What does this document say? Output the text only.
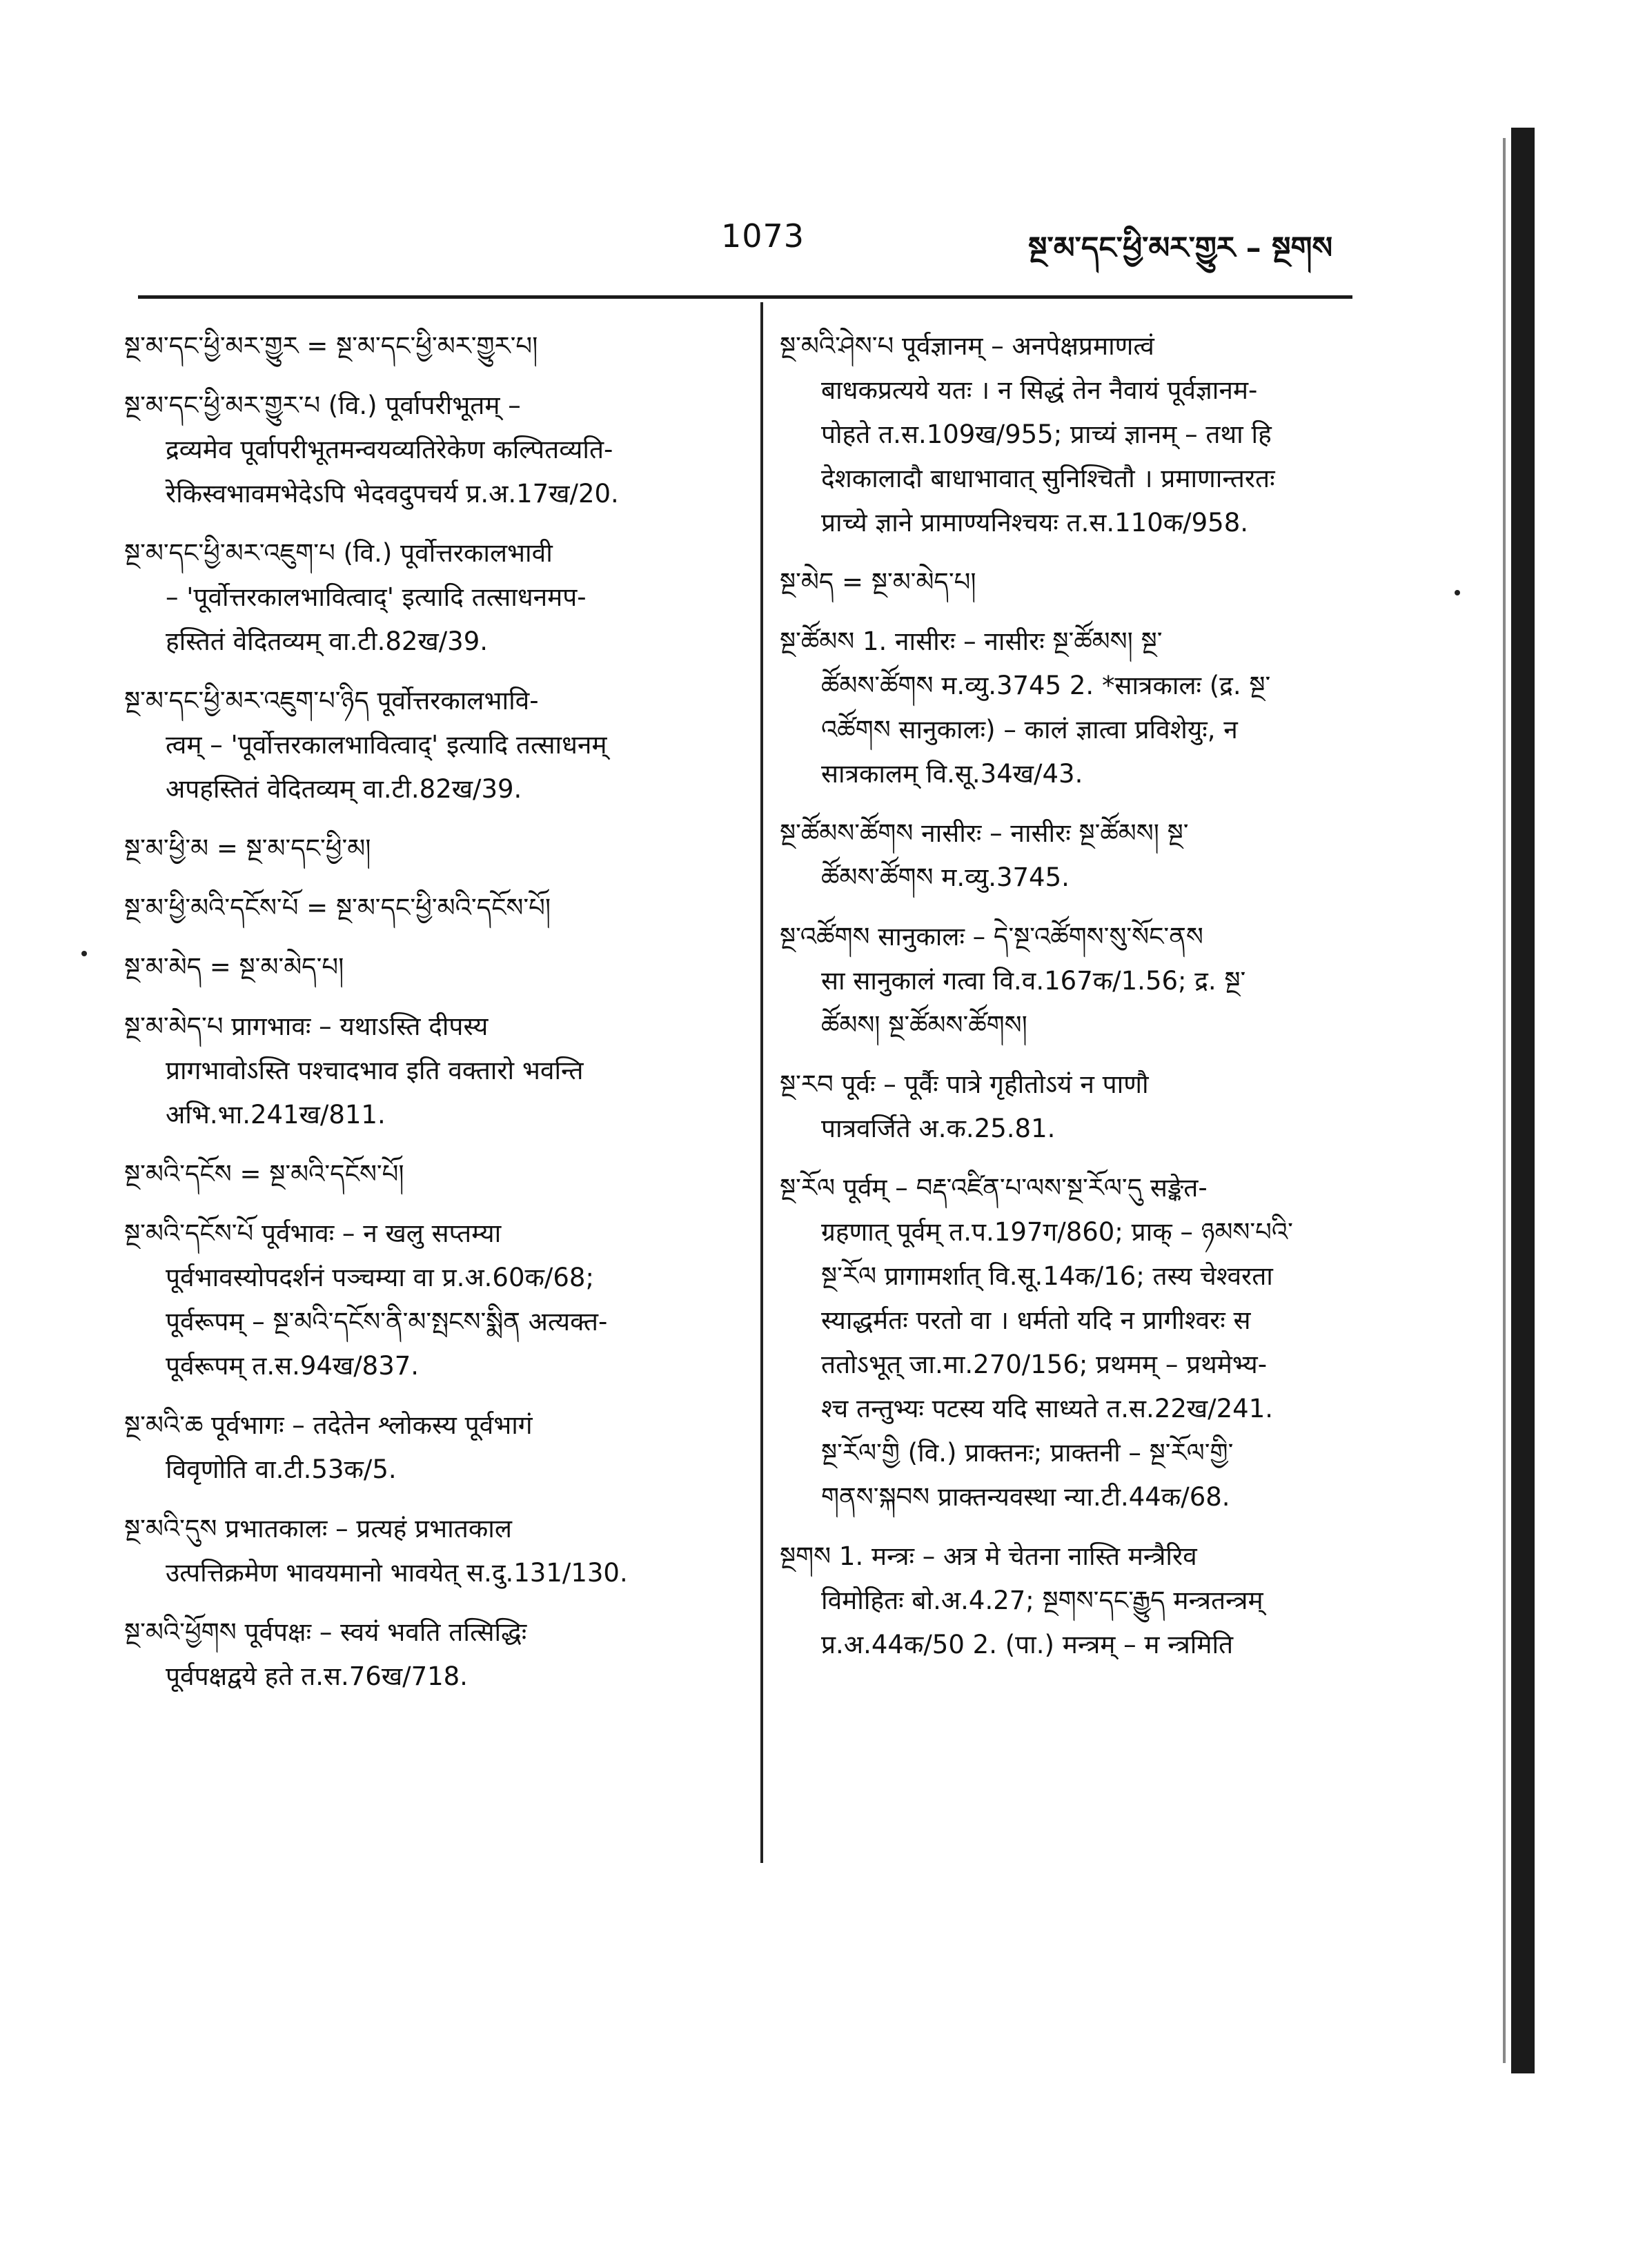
1073	སྔ་མ་དང་ཕྱི་མར་གྱུར – སྔགས
སྔ་མ་དང་ཕྱི་མར་གྱུར = སྔ་མ་དང་ཕྱི་མར་གྱུར་པ།
སྔ་མ་དང་ཕྱི་མར་གྱུར་པ (वि.) पूर्वापरीभूतम् –
द्रव्यमेव पूर्वापरीभूतमन्वयव्यतिरेकेण कल्पितव्यति-
रेकिस्वभावमभेदेऽपि भेदवदुपचर्य प्र.अ.17ख/20.
སྔ་མ་དང་ཕྱི་མར་འཇུག་པ (वि.) पूर्वोत्तरकालभावी
– 'पूर्वोत्तरकालभावित्वाद्' इत्यादि तत्साधनमप-
हस्तितं वेदितव्यम् वा.टी.82ख/39.
སྔ་མ་དང་ཕྱི་མར་འཇུག་པ་ཉིད पूर्वोत्तरकालभावि-
त्वम् – 'पूर्वोत्तरकालभावित्वाद्' इत्यादि तत्साधनम्
अपहस्तितं वेदितव्यम् वा.टी.82ख/39.
སྔ་མ་ཕྱི་མ = སྔ་མ་དང་ཕྱི་མ།
སྔ་མ་ཕྱི་མའི་དངོས་པོ = སྔ་མ་དང་ཕྱི་མའི་དངོས་པོ།
སྔ་མ་མེད = སྔ་མ་མེད་པ།
སྔ་མ་མེད་པ प्रागभावः – यथाऽस्ति दीपस्य
प्रागभावोऽस्ति पश्चादभाव इति वक्तारो भवन्ति
अभि.भा.241ख/811.
སྔ་མའི་དངོས = སྔ་མའི་དངོས་པོ།
སྔ་མའི་དངོས་པོ पूर्वभावः – न खलु सप्तम्या
पूर्वभावस्योपदर्शनं पञ्चम्या वा प्र.अ.60क/68;
पूर्वरूपम् – སྔ་མའི་དངོས་ནི་མ་སྤངས་སྨིན अत्यक्त-
पूर्वरूपम् त.स.94ख/837.
སྔ་མའི་ཆ पूर्वभागः – तदेतेन श्लोकस्य पूर्वभागं
विवृणोति वा.टी.53क/5.
སྔ་མའི་དུས प्रभातकालः – प्रत्यहं प्रभातकाल
उत्पत्तिक्रमेण भावयमानो भावयेत् स.दु.131/130.
སྔ་མའི་ཕྱོགས पूर्वपक्षः – स्वयं भवति तत्सिद्धिः
पूर्वपक्षद्वये हते त.स.76ख/718.
སྔ་མའི་ཤེས་པ पूर्वज्ञानम् – अनपेक्षप्रमाणत्वं
बाधकप्रत्यये यतः । न सिद्धं तेन नैवायं पूर्वज्ञानम-
पोहते त.स.109ख/955; प्राच्यं ज्ञानम् – तथा हि
देशकालादौ बाधाभावात् सुनिश्चितौ । प्रमाणान्तरतः
प्राच्ये ज्ञाने प्रामाण्यनिश्चयः त.स.110क/958.
སྔ་མེད = སྔ་མ་མེད་པ།
སྔ་ཚོམས 1. नासीरः – नासीरः སྔ་ཚོམས། སྔ་
ཚོམས་ཚོགས म.व्यु.3745 2. *सात्रकालः (द्र. སྔ་
འཚོགས सानुकालः) – कालं ज्ञात्वा प्रविशेयुः, न
सात्रकालम् वि.सू.34ख/43.
སྔ་ཚོམས་ཚོགས नासीरः – नासीरः སྔ་ཚོམས། སྔ་
ཚོམས་ཚོགས म.व्यु.3745.
སྔ་འཚོགས सानुकालः – དེ་སྔ་འཚོགས་སུ་སོང་ནས
सा सानुकालं गत्वा वि.व.167क/1.56; द्र. སྔ་
ཚོམས། སྔ་ཚོམས་ཚོགས།
སྔ་རབ पूर्वः – पूर्वैः पात्रे गृहीतोऽयं न पाणौ
पात्रवर्जिते अ.क.25.81.
སྔ་རོལ पूर्वम् – བརྡ་འཛིན་པ་ལས་སྔ་རོལ་དུ सङ्केत-
ग्रहणात् पूर्वम् त.प.197ग/860; प्राक् – ཉམས་པའི་
སྔ་རོལ प्रागामर्शात् वि.सू.14क/16; तस्य चेश्वरता
स्याद्धर्मतः परतो वा । धर्मतो यदि न प्रागीश्वरः स
ततोऽभूत् जा.मा.270/156; प्रथमम् – प्रथमेभ्य-
श्च तन्तुभ्यः पटस्य यदि साध्यते त.स.22ख/241.
སྔ་རོལ་གྱི (वि.) प्राक्तनः; प्राक्तनी – སྔ་རོལ་གྱི་
གནས་སྐབས प्राक्तन्यवस्था न्या.टी.44क/68.
སྔགས 1. मन्त्रः – अत्र मे चेतना नास्ति मन्त्रैरिव
विमोहितः बो.अ.4.27; སྔགས་དང་རྒྱུད मन्त्रतन्त्रम्
प्र.अ.44क/50 2. (पा.) मन्त्रम् – म न्त्रमिति
